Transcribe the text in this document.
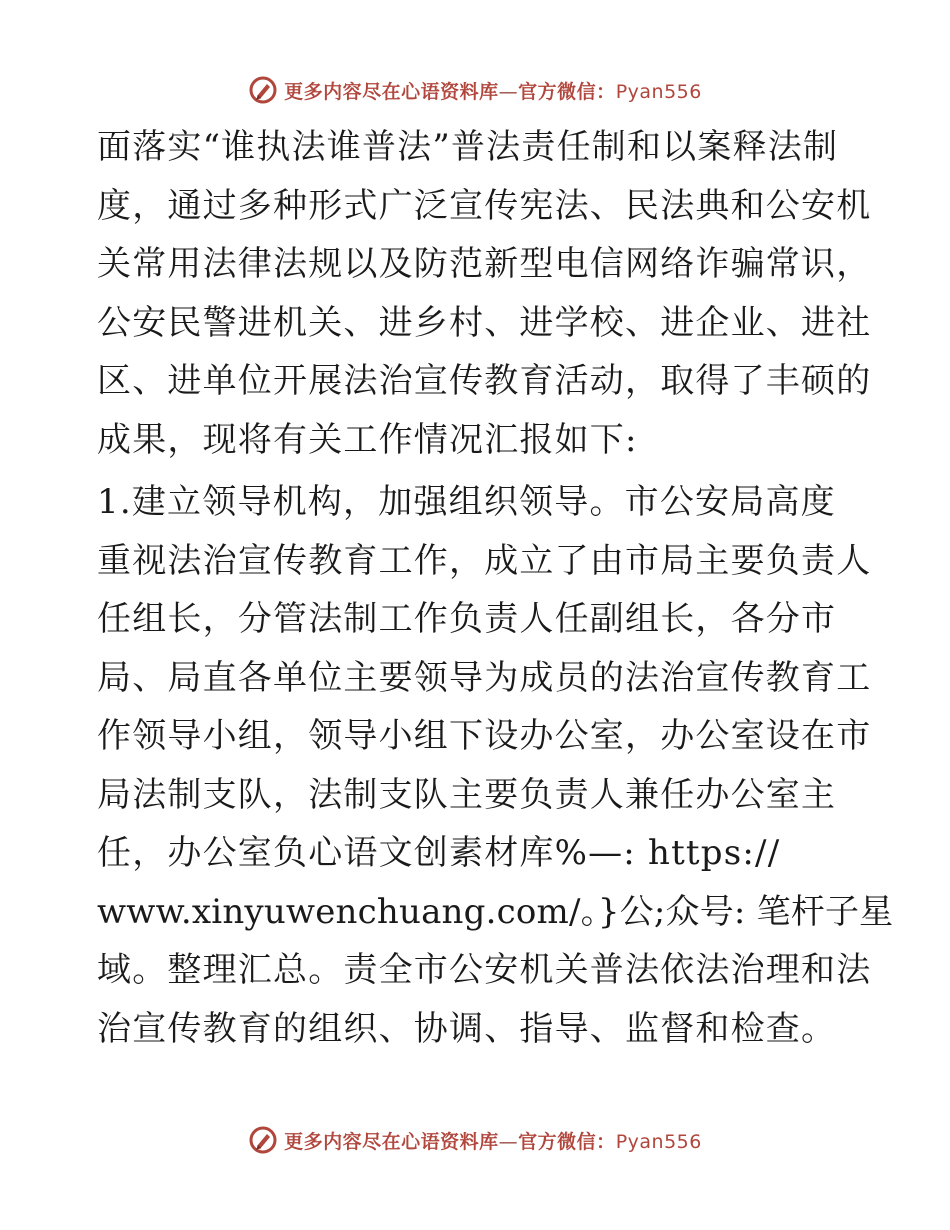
更多内容尽在心语资料库—官方微信：Pyan556
面落实“谁执法谁普法”普法责任制和以案释法制
度，通过多种形式广泛宣传宪法、民法典和公安机
关常用法律法规以及防范新型电信网络诈骗常识，
公安民警进机关、进乡村、进学校、进企业、进社
区、进单位开展法治宣传教育活动，取得了丰硕的
成果，现将有关工作情况汇报如下:
1.建立领导机构，加强组织领导。市公安局高度
重视法治宣传教育工作，成立了由市局主要负责人
任组长，分管法制工作负责人任副组长，各分市
局、局直各单位主要领导为成员的法治宣传教育工
作领导小组，领导小组下设办公室，办公室设在市
局法制支队，法制支队主要负责人兼任办公室主
任，办公室负心语文创素材库%—: https://
www.xinyuwenchuang.com/。}公;众号: 笔杆子星
域。整理汇总。责全市公安机关普法依法治理和法
治宣传教育的组织、协调、指导、监督和检查。
更多内容尽在心语资料库—官方微信：Pyan556
